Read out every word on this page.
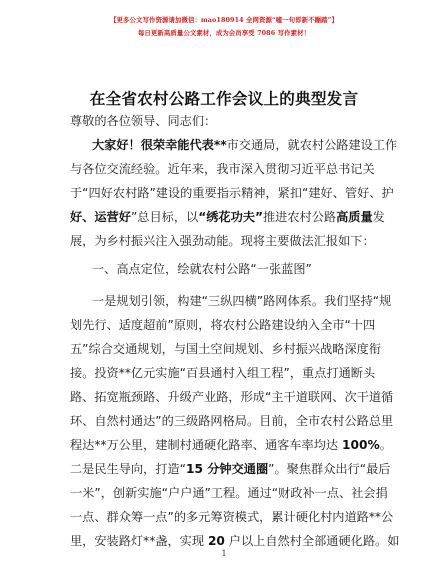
【更多公文写作资源请加微信：mao180914 全网资源“嘘一句即新不蹦踏”】
每日更新高质量公文素材，成为会员享受 7086 写作素材！
在全省农村公路工作会议上的典型发言
尊敬的各位领导、同志们：
大家好！很荣幸能代表**市交通局，就农村公路建设工作
与各位交流经验。近年来，我市深入贯彻习近平总书记关
于“四好农村路”建设的重要指示精神，紧扣“建好、管好、护
好、运营好”总目标，以“绣花功夫”推进农村公路高质量发
展，为乡村振兴注入强劲动能。现将主要做法汇报如下：
一、高点定位，绘就农村公路“一张蓝图”
一是规划引领，构建“三纵四横”路网体系。我们坚持“规
划先行、适度超前”原则，将农村公路建设纳入全市“十四
五”综合交通规划，与国土空间规划、乡村振兴战略深度衔
接。投资**亿元实施“百县通村入组工程”，重点打通断头
路、拓宽瓶颈路、升级产业路，形成“主干道联网、次干道循
环、自然村通达”的三级路网格局。目前，全市农村公路总里
程达**万公里，建制村通硬化路率、通客车率均达 100%。
二是民生导向，打造“15 分钟交通圈”。聚焦群众出行“最后
一米”，创新实施“户户通”工程。通过“财政补一点、社会捐
一点、群众筹一点”的多元筹资模式，累计硬化村内道路**公
里，安装路灯**盏，实现 20 户以上自然村全部通硬化路。如
1
